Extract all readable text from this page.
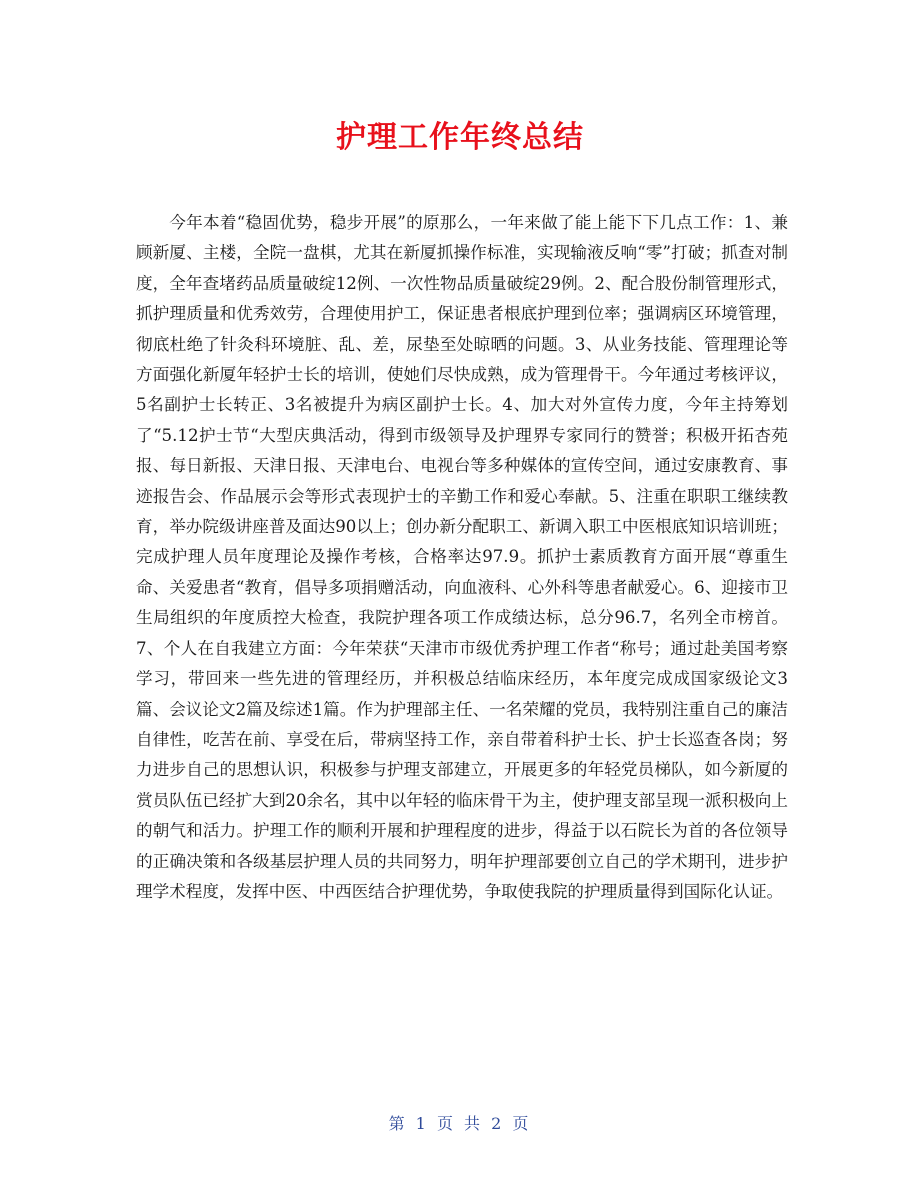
护理工作年终总结

今年本着“稳固优势，稳步开展”的原那么，一年来做了能上能下下几点工作：1、兼顾新厦、主楼，全院一盘棋，尤其在新厦抓操作标准，实现输液反响“零”打破；抓查对制度，全年查堵药品质量破绽12例、一次性物品质量破绽29例。2、配合股份制管理形式，抓护理质量和优秀效劳，合理使用护工，保证患者根底护理到位率；强调病区环境管理，彻底杜绝了针灸科环境脏、乱、差，尿垫至处晾晒的问题。3、从业务技能、管理理论等方面强化新厦年轻护士长的培训，使她们尽快成熟，成为管理骨干。今年通过考核评议，5名副护士长转正、3名被提升为病区副护士长。4、加大对外宣传力度，今年主持筹划了“5.12护士节“大型庆典活动，得到市级领导及护理界专家同行的赞誉；积极开拓杏苑报、每日新报、天津日报、天津电台、电视台等多种媒体的宣传空间，通过安康教育、事迹报告会、作品展示会等形式表现护士的辛勤工作和爱心奉献。5、注重在职职工继续教育，举办院级讲座普及面达90以上；创办新分配职工、新调入职工中医根底知识培训班；完成护理人员年度理论及操作考核，合格率达97.9。抓护士素质教育方面开展“尊重生命、关爱患者“教育，倡导多项捐赠活动，向血液科、心外科等患者献爱心。6、迎接市卫生局组织的年度质控大检查，我院护理各项工作成绩达标，总分96.7，名列全市榜首。7、个人在自我建立方面：今年荣获“天津市市级优秀护理工作者“称号；通过赴美国考察学习，带回来一些先进的管理经历，并积极总结临床经历，本年度完成成国家级论文3篇、会议论文2篇及综述1篇。作为护理部主任、一名荣耀的党员，我特别注重自己的廉洁自律性，吃苦在前、享受在后，带病坚持工作，亲自带着科护士长、护士长巡查各岗；努力进步自己的思想认识，积极参与护理支部建立，开展更多的年轻党员梯队，如今新厦的赏员队伍已经扩大到20余名，其中以年轻的临床骨干为主，使护理支部呈现一派积极向上的朝气和活力。护理工作的顺利开展和护理程度的进步，得益于以石院长为首的各位领导的正确决策和各级基层护理人员的共同努力，明年护理部要创立自己的学术期刊，进步护理学术程度，发挥中医、中西医结合护理优势，争取使我院的护理质量得到国际化认证。

第 1 页 共 2 页
